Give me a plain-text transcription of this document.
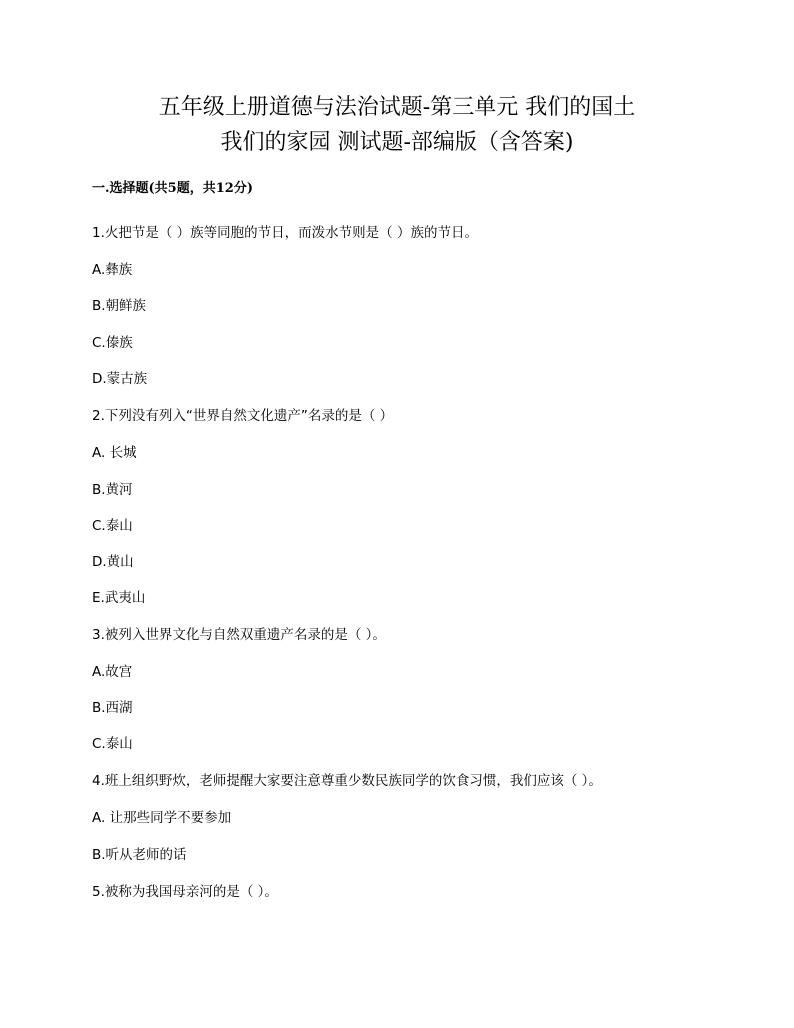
五年级上册道德与法治试题-第三单元 我们的国土
我们的家园 测试题-部编版（含答案)
一.选择题(共5题，共12分)
1.火把节是（ ）族等同胞的节日，而泼水节则是（ ）族的节日。
A.彝族
B.朝鲜族
C.傣族
D.蒙古族
2.下列没有列入“世界自然文化遗产”名录的是（ ）
A. 长城
B.黄河
C.泰山
D.黄山
E.武夷山
3.被列入世界文化与自然双重遗产名录的是（ ）。
A.故宫
B.西湖
C.泰山
4.班上组织野炊，老师提醒大家要注意尊重少数民族同学的饮食习惯，我们应该（ ）。
A. 让那些同学不要参加
B.听从老师的话
5.被称为我国母亲河的是（ ）。
